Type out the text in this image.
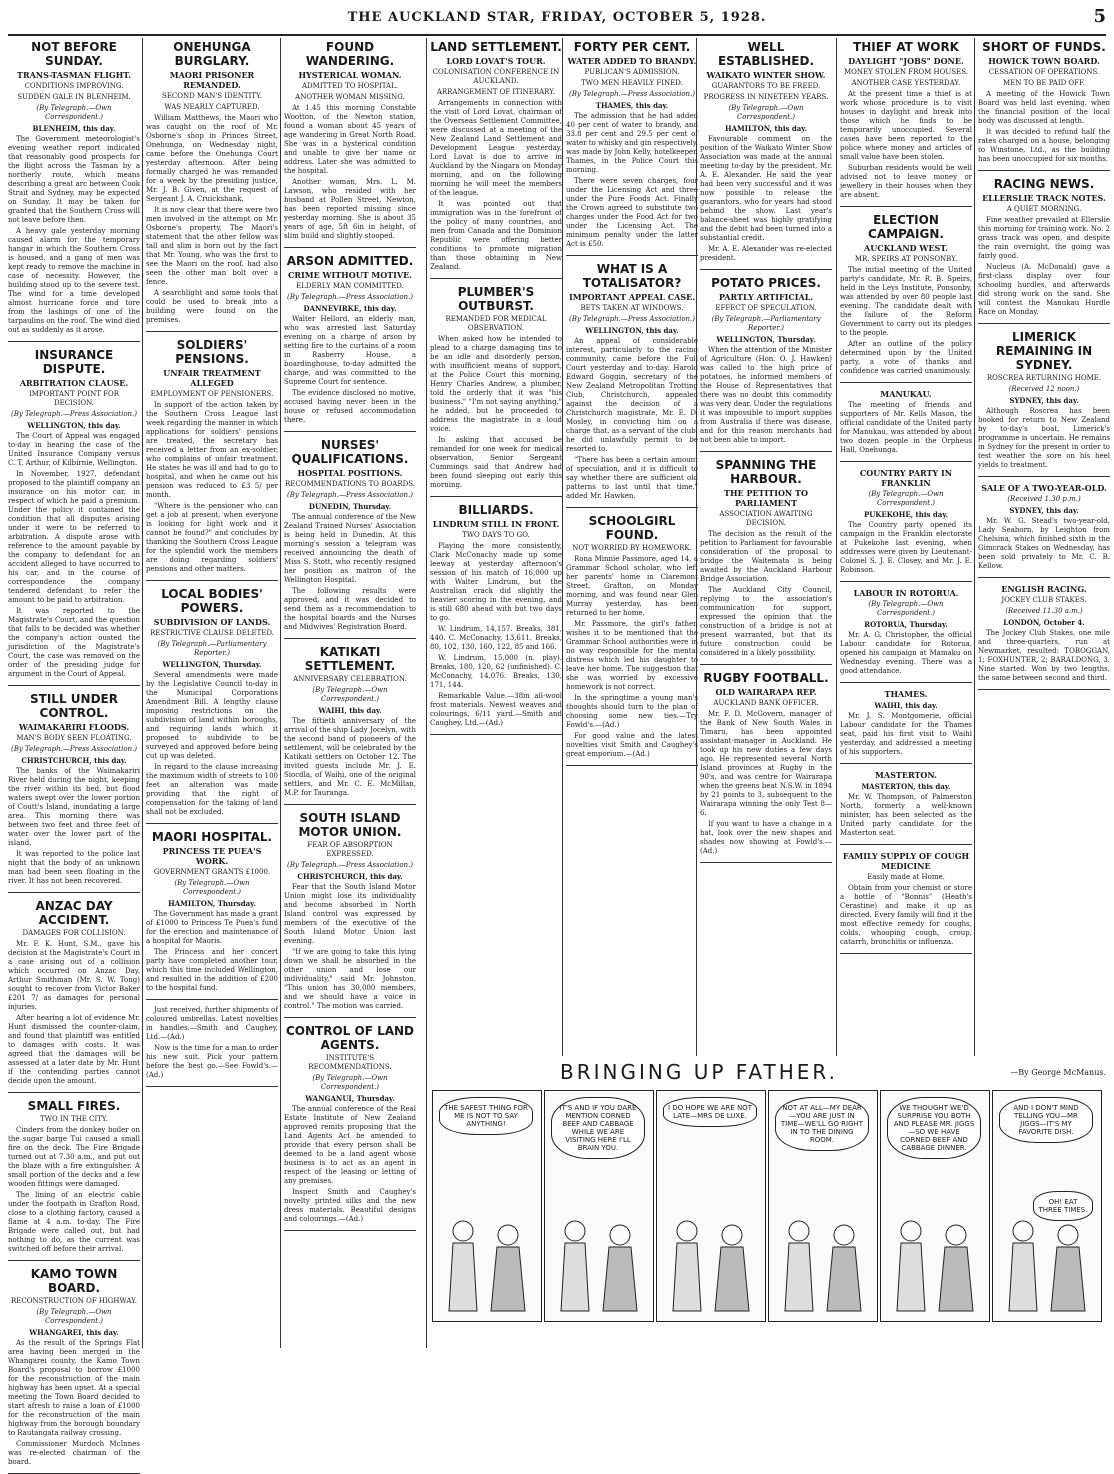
THE AUCKLAND STAR, FRIDAY, OCTOBER 5, 1928.	5
NOT BEFORE SUNDAY.
TRANS-TASMAN FLIGHT.
CONDITIONS IMPROVING.
SUDDEN GALE IN BLENHEIM.
(By Telegraph.—Own Correspondent.)
BLENHEIM, this day.

The Government meteorologist's evening weather report indicated that reasonably good prospects for the flight across the Tasman by a northerly route, which means describing a great arc between Cook Strait and Sydney, may be expected on Sunday. It may be taken for granted that the Southern Cross will not leave before then.

A heavy gale yesterday morning caused alarm for the temporary hangar in which the Southern Cross is housed, and a gang of men was kept ready to remove the machine in case of necessity. However, the building stood up to the severe test. The wind for a time developed almost hurricane force and tore from the lashings of one of the tarpaulins on the roof. The wind died out as suddenly as it arose.

INSURANCE DISPUTE.
ARBITRATION CLAUSE.
IMPORTANT POINT FOR DECISION.
(By Telegraph.—Press Association.)
WELLINGTON, this day.

The Court of Appeal was engaged to-day in hearing the case of the United Insurance Company versus C. T. Arthur, of Kilbirnie, Wellington.

In November, 1927, defendant proposed to the plaintiff company an insurance on his motor car, in respect of which he paid a premium. Under the policy it contained the condition that all disputes arising under it were to be referred to arbitration. A dispute arose with reference to the amount payable by the company to defendant for an accident alleged to have occurred to his car, and in the course of correspondence the company tendered defendant to refer the amount to be paid to arbitration.

It was reported to the Magistrate's Court, and the question that falls to be decided was whether the company's action ousted the jurisdiction of the Magistrate's Court, the case was removed on the order of the presiding judge for argument in the Court of Appeal.

STILL UNDER CONTROL.
WAIMAKARIRI FLOODS.
MAN'S BODY SEEN FLOATING.
(By Telegraph.—Press Association.)
CHRISTCHURCH, this day.

The banks of the Waimakariri River held during the night, keeping the river within its bed, but flood waters swept over the lower portion of Coutt's Island, inundating a large area. This morning there was between two feet and three feet of water over the lower part of the island.

It was reported to the police last night that the body of an unknown man had been seen floating in the river. It has not been recovered.

ANZAC DAY ACCIDENT.
DAMAGES FOR COLLISION.

Mr. F. K. Hunt, S.M., gave his decision at the Magistrate's Court in a case arising out of a collision which occurred on Anzac Day. Arthur Smithman (Mr. S. W. Tong) sought to recover from Victor Baker £201 7/ as damages for personal injuries.

After hearing a lot of evidence Mr. Hunt dismissed the counter-claim, and found that plaintiff was entitled to damages with costs. It was agreed that the damages will be assessed at a later date by Mr. Hunt if the contending parties cannot decide upon the amount.

SMALL FIRES.
TWO IN THE CITY.

Cinders from the donkey boiler on the sugar barge Tui caused a small fire on the deck. The Fire Brigade turned out at 7.30 a.m., and put out the blaze with a fire extinguisher. A small portion of the decks and a few wooden fittings were damaged.

The lining of an electric cable under the footpath in Grafton Road, close to a clothing factory, caused a flame at 4 a.m. to-day. The Fire Brigade were called out, but had nothing to do, as the current was switched off before their arrival.

KAMO TOWN BOARD.
RECONSTRUCTION OF HIGHWAY.
(By Telegraph.—Own Correspondent.)
WHANGAREI, this day.

As the result of the Springs Flat area having been merged in the Whangarei county, the Kamo Town Board's proposal to borrow £1000 for the reconstruction of the main highway has been upset. At a special meeting the Town Board decided to start afresh to raise a loan of £1000 for the reconstruction of the main highway from the borough boundary to Rautangata railway crossing.

Commissioner Murdoch McInnes was re-elected chairman of the board.

ONEHUNGA BURGLARY.
MAORI PRISONER REMANDED.
SECOND MAN'S IDENTITY.
WAS NEARLY CAPTURED.

William Matthews, the Maori who was caught on the roof of Mr. Osborne's shop in Princes Street, Onehunga, on Wednesday night, came before the Onehunga Court yesterday afternoon. After being formally charged he was remanded for a week by the presiding justice, Mr. J. B. Given, at the request of Sergeant J. A. Cruickshank.

It is now clear that there were two men involved in the attempt on Mr. Osborne's property. The Maori's statement that the other fellow was tall and slim is born out by the fact that Mr. Young, who was the first to see the Maori on the roof, had also seen the other man bolt over a fence.

A searchlight and some tools that could be used to break into a building were found on the premises.

SOLDIERS' PENSIONS.
UNFAIR TREATMENT ALLEGED
EMPLOYMENT OF PENSIONERS.

In support of the action taken by the Southern Cross League last week regarding the manner in which applications for soldiers' pensions are treated, the secretary has received a letter from an ex-soldier, who complains of unfair treatment. He states he was ill and had to go to hospital, and when he came out his pension was reduced to £3 5/ per month.

"Where is the pensioner who can get a job at present, when everyone is looking for light work and it cannot be found?" and concludes by thanking the Southern Cross League for the splendid work the members are doing regarding soldiers' pensions and other matters.

LOCAL BODIES' POWERS.
SUBDIVISION OF LANDS.
RESTRICTIVE CLAUSE DELETED.
(By Telegraph.—Parliamentary Reporter.)
WELLINGTON, Thursday.

Several amendments were made by the Legislative Council to-day in the Municipal Corporations Amendment Bill. A lengthy clause imposing restrictions on the subdivision of land within boroughs, and requiring lands which it proposed to subdivide to be surveyed and approved before being cut up was deleted.

In regard to the clause increasing the maximum width of streets to 100 feet an alteration was made providing that the right of compensation for the taking of land shall not be excluded.

MAORI HOSPITAL.
PRINCESS TE PUEA'S WORK.
GOVERNMENT GRANTS £1000.
(By Telegraph.—Own Correspondent.)
HAMILTON, Thursday.

The Government has made a grant of £1000 to Princess Te Puea's fund for the erection and maintenance of a hospital for Maoris.

The Princess and her concert party have completed another tour, which this time included Wellington, and resulted in the addition of £200 to the hospital fund.

Just received, further shipments of coloured umbrellas. Latest novelties in handles.—Smith and Caughey, Ltd.—(Ad.)

Now is the time for a man to order his new suit. Pick your pattern before the best go.—See Fowld's.—(Ad.)

FOUND WANDERING.
HYSTERICAL WOMAN.
ADMITTED TO HOSPITAL.
ANOTHER WOMAN MISSING.

At 1.45 this morning Constable Wootton, of the Newton station, found a woman about 45 years of age wandering in Great North Road. She was in a hysterical condition and unable to give her name or address. Later she was admitted to the hospital.

Another woman, Mrs. L. M. Lawson, who resided with her husband at Pollen Street, Newton, has been reported missing since yesterday morning. She is about 35 years of age, 5ft 6in in height, of slim build and slightly stooped.

ARSON ADMITTED.
CRIME WITHOUT MOTIVE.
ELDERLY MAN COMMITTED.
(By Telegraph.—Press Association.)
DANNEVIRKE, this day.

Walter Hellord, an elderly man, who was arrested last Saturday evening on a charge of arson by setting fire to the curtains of a room in Rasberry House, a boardinghouse, to-day admitted the charge, and was committed to the Supreme Court for sentence.

The evidence disclosed no motive, accused having never been in the house or refused accommodation there.

NURSES' QUALIFICATIONS.
HOSPITAL POSITIONS.
RECOMMENDATIONS TO BOARDS.
(By Telegraph.—Press Association.)
DUNEDIN, Thursday.

The annual conference of the New Zealand Trained Nurses' Association is being held in Dunedin. At this morning's session a telegram was received announcing the death of Miss S. Stott, who recently resigned her position as matron of the Wellington Hospital.

The following results were approved, and it was decided to send them as a recommendation to the hospital boards and the Nurses and Midwives' Registration Board.

KATIKATI SETTLEMENT.
ANNIVERSARY CELEBRATION.
(By Telegraph.—Own Correspondent.)
WAIHI, this day.

The fiftieth anniversary of the arrival of the ship Lady Jocelyn, with the second band of pioneers of the settlement, will be celebrated by the Katikati settlers on October 12. The invited guests include Mr. J. E. Siocdla, of Waihi, one of the original settlers, and Mr. C. E. McMillan, M.P. for Tauranga.

SOUTH ISLAND MOTOR UNION.
FEAR OF ABSORPTION EXPRESSED.
(By Telegraph.—Press Association.)
CHRISTCHURCH, this day.

Fear that the South Island Motor Union might lose its individuality and become absorbed in North Island control was expressed by members of the executive of the South Island Motor Union last evening.

"If we are going to take this lying down we shall be absorbed in the other union and lose our individuality," said Mr. Johnston. "This union has 30,000 members, and we should have a voice in control." The motion was carried.

CONTROL OF LAND AGENTS.
INSTITUTE'S RECOMMENDATIONS.
(By Telegraph.—Own Correspondent.)
WANGANUI, Thursday.

The annual conference of the Real Estate Institute of New Zealand approved remits proposing that the Land Agents Act be amended to provide that every person shall be deemed to be a land agent whose business is to act as an agent in respect of the leasing or letting of any premises.

Inspect Smith and Caughey's novelty printed silks and the new dress materials. Beautiful designs and colourings.—(Ad.)

LAND SETTLEMENT.
LORD LOVAT'S TOUR.
COLONISATION CONFERENCE IN AUCKLAND.
ARRANGEMENT OF ITINERARY.

Arrangements in connection with the visit of Lord Lovat, chairman of the Overseas Settlement Committee, were discussed at a meeting of the New Zealand Land Settlement and Development League yesterday. Lord Lovat is due to arrive in Auckland by the Niagara on Monday morning, and on the following morning he will meet the members of the league.

It was pointed out that immigration was in the forefront of the policy of many countries, and men from Canada and the Dominion Republic were offering better conditions to promote migration than those obtaining in New Zealand.

PLUMBER'S OUTBURST.
REMANDED FOR MEDICAL OBSERVATION.

When asked how he intended to plead to a charge damaging tins to be an idle and disorderly person, with insufficient means of support, at the Police Court this morning, Henry Charles Andrew, a plumber, told the orderly that it was "his business." "I'm not saying anything," he added, but he proceeded to address the magistrate in a loud voice.

In asking that accused be remanded for one week for medical observation, Senior Sergeant Cummings said that Andrew had been found sleeping out early this morning.

BILLIARDS.
LINDRUM STILL IN FRONT.
TWO DAYS TO GO.

Playing the more consistently, Clark McConachy made up some leeway at yesterday afternoon's session of his match of 16,000 up with Walter Lindrum, but the Australian crack did slightly the heavier scoring in the evening, and is still 680 ahead with but two days to go.

W. Lindrum, 14,157. Breaks, 381, 440. C. McConachy, 13,611. Breaks, 80, 102, 130, 160, 122, 85 and 166.

W. Lindrum, 15,000 (n. play). Breaks, 180, 120, 62 (unfinished). C. McConachy, 14,076. Breaks, 130, 171, 144.

Remarkable Value.—38in all-wool frost materials. Newest weaves and colourings, 6/11 yard.—Smith and Caughey, Ltd.—(Ad.)

FORTY PER CENT.
WATER ADDED TO BRANDY.
PUBLICAN'S ADMISSION.
TWO MEN HEAVILY FINED.
(By Telegraph.—Press Association.)
THAMES, this day.

The admission that he had added 40 per cent of water to brandy, and 33.8 per cent and 29.5 per cent of water to whisky and gin respectively, was made by John Kelly, hotelkeeper, Thames, in the Police Court this morning.

There were seven charges, four under the Licensing Act and three under the Pure Foods Act. Finally the Crown agreed to substitute two charges under the Food Act for two under the Licensing Act. The minimum penalty under the latter Act is £50.

WHAT IS A TOTALISATOR?
IMPORTANT APPEAL CASE.
BETS TAKEN AT WINDOWS.
(By Telegraph.—Press Association.)
WELLINGTON, this day.

An appeal of considerable interest, particularly to the racing community, came before the Full Court yesterday and to-day. Harold Edward Goggin, secretary of the New Zealand Metropolitan Trotting Club, Christchurch, appealed against the decision of a Christchurch magistrate, Mr. E. D. Mosley, in convicting him on a charge that, as a servant of the club, he did unlawfully permit to be resorted to.

"There has been a certain amount of speculation, and it is difficult to say whether there are sufficient old patterns to last until that time," added Mr. Hawken.

SCHOOLGIRL FOUND.
NOT WORRIED BY HOMEWORK.

Rona Minnie Passmore, aged 14, a Grammar School scholar, who left her parents' home in Claremont Street, Grafton, on Monday morning, and was found near Glen Murray yesterday, has been returned to her home.

Mr. Passmore, the girl's father, wishes it to be mentioned that the Grammar School authorities were in no way responsible for the mental distress which led his daughter to leave her home. The suggestion that she was worried by excessive homework is not correct.

In the springtime a young man's thoughts should turn to the plan of choosing some new ties.—Try Fowld's.—(Ad.)

For good value and the latest novelties visit Smith and Caughey's great emporium.—(Ad.)

WELL ESTABLISHED.
WAIKATO WINTER SHOW.
GUARANTORS TO BE FREED.
PROGRESS IN NINETEEN YEARS.
(By Telegraph.—Own Correspondent.)
HAMILTON, this day.

Favourable comment on the position of the Waikato Winter Show Association was made at the annual meeting to-day by the president, Mr. A. E. Alexander. He said the year had been very successful and it was now possible to release the guarantors, who for years had stood behind the show. Last year's balance-sheet was highly gratifying and the debit had been turned into a substantial credit.

Mr. A. E. Alexander was re-elected president.

POTATO PRICES.
PARTLY ARTIFICIAL.
EFFECT OF SPECULATION.
(By Telegraph.—Parliamentary Reporter.)
WELLINGTON, Thursday.

When the attention of the Minister of Agriculture (Hon. O. J. Hawken) was called to the high price of potatoes, he informed members of the House of Representatives that there was no doubt this commodity was very dear. Under the regulations it was impossible to import supplies from Australia if there was disease, and for this reason merchants had not been able to import.

SPANNING THE HARBOUR.
THE PETITION TO PARLIAMENT
ASSOCIATION AWAITING DECISION.

The decision as the result of the petition to Parliament for favourable consideration of the proposal to bridge the Waitemata is being awaited by the Auckland Harbour Bridge Association.

The Auckland City Council, replying to the association's communication for support, expressed the opinion that the construction of a bridge is not at present warranted, but that its future construction could be considered in a likely possibility.

RUGBY FOOTBALL.
OLD WAIRARAPA REP.
AUCKLAND BANK OFFICER.

Mr. F. D. McGovern, manager of the Bank of New South Wales in Timaru, has been appointed assistant-manager in Auckland. He took up his new duties a few days ago. He represented several North Island provinces at Rugby in the 90's, and was centre for Wairarapa when the greens beat N.S.W. in 1894 by 21 points to 3, subsequent to the Wairarapa winning the only Test 8—6.

If you want to have a change in a hat, look over the new shapes and shades now showing at Fowld's.—(Ad.)

THIEF AT WORK
DAYLIGHT "JOBS" DONE.
MONEY STOLEN FROM HOUSES.
ANOTHER CASE YESTERDAY.

At the present time a thief is at work whose procedure is to visit houses in daylight and break into those which he finds to be temporarily unoccupied. Several cases have been reported to the police where money and articles of small value have been stolen.

Suburban residents would be well advised not to leave money or jewellery in their houses when they are absent.

ELECTION CAMPAIGN.
AUCKLAND WEST.
MR. SPEIRS AT PONSONBY.

The initial meeting of the United party's candidate, Mr. R. B. Speirs, held in the Leys Institute, Ponsonby, was attended by over 80 people last evening. The candidate dealt with the failure of the Reform Government to carry out its pledges to the people.

After an outline of the policy determined upon by the United party, a vote of thanks and confidence was carried unanimously.

MANUKAU.

The meeting of friends and supporters of Mr. Kells Mason, the official candidate of the United party for Manukau, was attended by about two dozen people in the Orpheus Hall, Onehunga.

COUNTRY PARTY IN FRANKLIN
(By Telegraph.—Own Correspondent.)
PUKEKOHE, this day.

The Country party opened its campaign in the Franklin electorate at Pukekohe last evening, when addresses were given by Lieutenant-Colonel S. J. E. Closey, and Mr. J. E. Robinson.

LABOUR IN ROTORUA.
(By Telegraph.—Own Correspondent.)
ROTORUA, Thursday.

Mr. A. G. Christopher, the official Labour candidate for Rotorua, opened his campaign at Mamaku on Wednesday evening. There was a good attendance.

THAMES.
WAIHI, this day.

Mr. J. S. Montgomerie, official Labour candidate for the Thames seat, paid his first visit to Waihi yesterday, and addressed a meeting of his supporters.

MASTERTON.
MASTERTON, this day.

Mr. W. Thompson, of Palmerston North, formerly a well-known minister, has been selected as the United party candidate for the Masterton seat.

FAMILY SUPPLY OF COUGH MEDICINE
Easily made at Home.

Obtain from your chemist or store a bottle of "Bonnis" (Heath's Cerastine) and make it up as directed. Every family will find it the most effective remedy for coughs, colds, whooping cough, croup, catarrh, bronchitis or influenza.

SHORT OF FUNDS.
HOWICK TOWN BOARD.
CESSATION OF OPERATIONS.
MEN TO BE PAID OFF.

A meeting of the Howick Town Board was held last evening, when the financial position of the local body was discussed at length.

It was decided to refund half the rates charged on a house, belonging to Winstone, Ltd., as the building has been unoccupied for six months.

RACING NEWS.
ELLERSLIE TRACK NOTES.
A QUIET MORNING.

Fine weather prevailed at Ellerslie this morning for training work. No. 2 grass track was open, and despite the rain overnight, the going was fairly good.

Nucleus (A. McDonald) gave a first-class display over four schooling hurdles, and afterwards did strong work on the sand. She will contest the Manukau Hurdle Race on Monday.

LIMERICK REMAINING IN SYDNEY.
ROSCREA RETURNING HOME.
(Received 12 noon.)
SYDNEY, this day.

Although Roscrea has been booked for return to New Zealand by to-day's boat, Limerick's programme is uncertain. He remains in Sydney for the present in order to test weather the sore on his heel yields to treatment.

SALE OF A TWO-YEAR-OLD.
(Received 1.30 p.m.)
SYDNEY, this day.

Mr. W. G. Stead's two-year-old, Lady Seaborn, by Leighton from Chelsina, which finished sixth in the Gimcrack Stakes on Wednesday, has been sold privately to Mr. C. B. Kellow.

ENGLISH RACING.
JOCKEY CLUB STAKES.
(Received 11.30 a.m.)
LONDON, October 4.

The Jockey Club Stakes, one mile and three-quarters, run at Newmarket, resulted: TOBOGGAN, 1; FOXHUNTER, 2; BARALDONG, 3. Nine started. Won by two lengths, the same between second and third.

BRINGING UP FATHER.	—By George McManus.
THE SAFEST THING FOR ME IS NOT TO SAY ANYTHING!
IT'S AND IF YOU DARE MENTION CORNED BEEF AND CABBAGE WHILE WE ARE VISITING HERE I'LL BRAIN YOU.
I DO HOPE WE ARE NOT LATE—MRS DE LUXE.
NOT AT ALL—MY DEAR—YOU ARE JUST IN TIME—WE'LL GO RIGHT IN TO THE DINING ROOM.
WE THOUGHT WE'D SURPRISE YOU BOTH AND PLEASE MR. JIGGS—SO WE HAVE CORNED BEEF AND CABBAGE DINNER.
AND I DON'T MIND TELLING YOU—MR JIGGS—IT'S MY FAVORITE DISH.
OH! EAT THREE TIMES.
